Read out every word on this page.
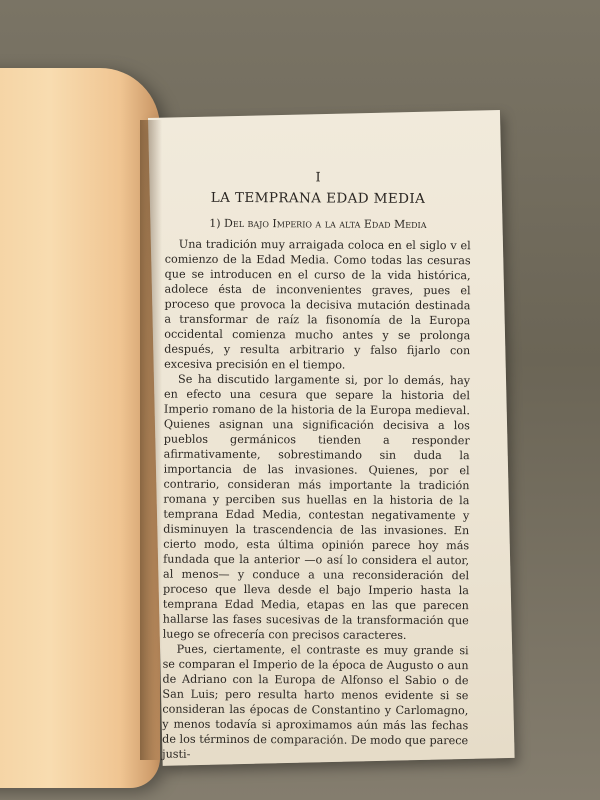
I
LA TEMPRANA EDAD MEDIA
1) Del bajo Imperio a la alta Edad Media

Una tradición muy arraigada coloca en el siglo v el comienzo de la Edad Media. Como todas las cesuras que se introducen en el curso de la vida histórica, adolece ésta de inconvenientes graves, pues el proceso que provoca la decisiva mutación destinada a transformar de raíz la fisonomía de la Europa occidental comienza mucho antes y se prolonga después, y resulta arbitrario y falso fijarlo con excesiva precisión en el tiempo.

Se ha discutido largamente si, por lo demás, hay en efecto una cesura que separe la historia del Imperio romano de la historia de la Europa medieval. Quienes asignan una significación decisiva a los pueblos germánicos tienden a responder afirmativamente, sobrestimando sin duda la importancia de las invasiones. Quienes, por el contrario, consideran más importante la tradición romana y perciben sus huellas en la historia de la temprana Edad Media, contestan negativamente y disminuyen la trascendencia de las invasiones. En cierto modo, esta última opinión parece hoy más fundada que la anterior —o así lo considera el autor, al menos— y conduce a una reconsideración del proceso que lleva desde el bajo Imperio hasta la temprana Edad Media, etapas en las que parecen hallarse las fases sucesivas de la transformación que luego se ofrecería con precisos caracteres.

Pues, ciertamente, el contraste es muy grande si se comparan el Imperio de la época de Augusto o aun de Adriano con la Europa de Alfonso el Sabio o de San Luis; pero resulta harto menos evidente si se consideran las épocas de Constantino y Carlomagno, y menos todavía si aproximamos aún más las fechas de los términos de comparación. De modo que parece justi-
